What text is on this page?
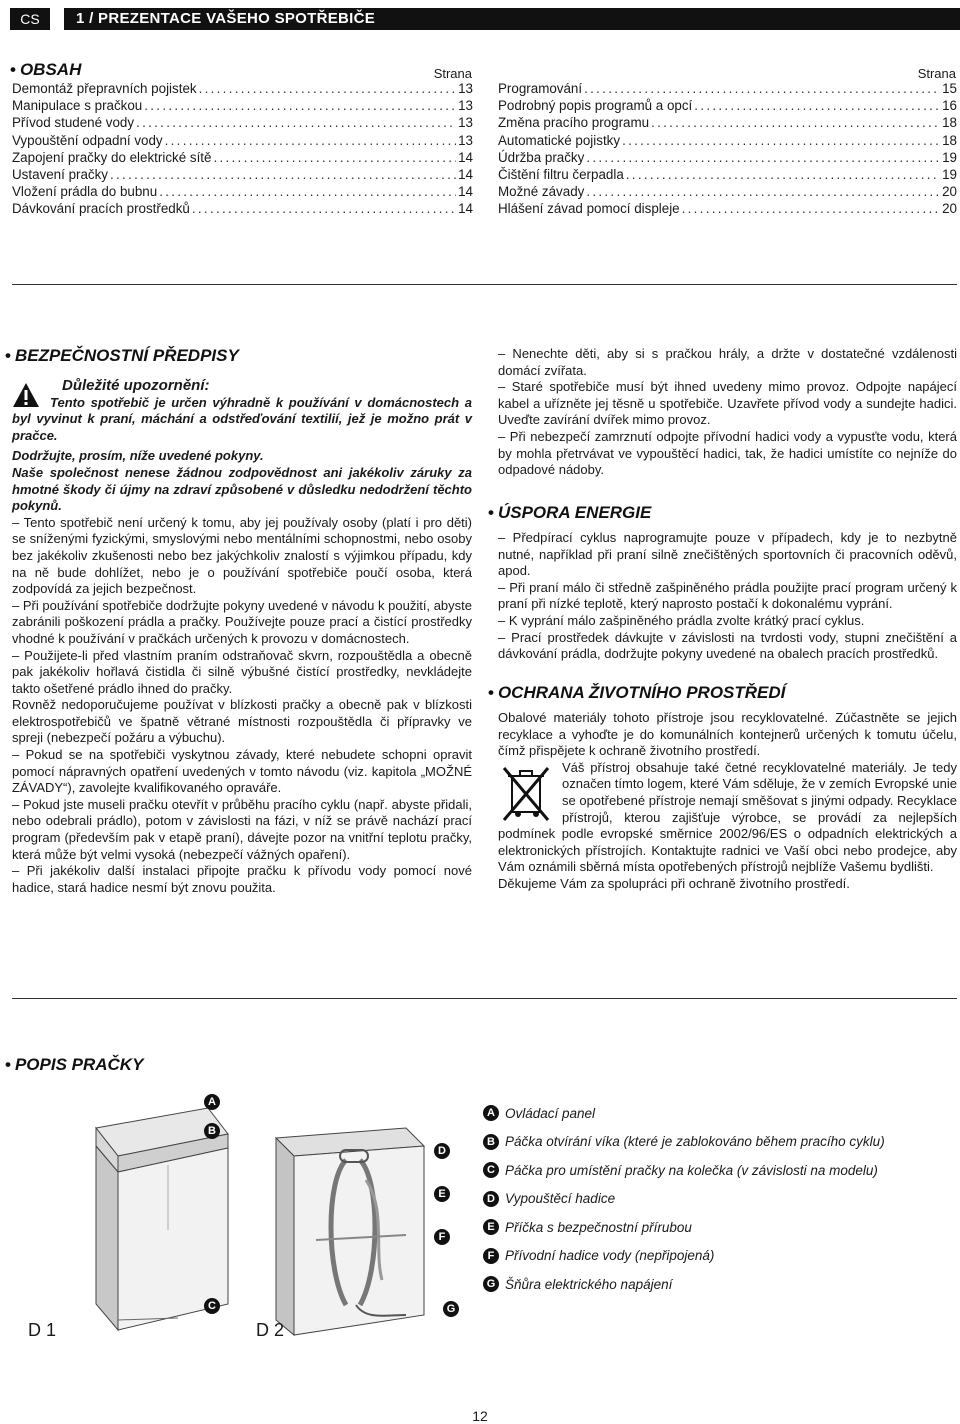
CS	1 / PREZENTACE VAŠEHO SPOTŘEBIČE
• OBSAH	Strana	Strana
Demontáž přepravních pojistek .....	13
Manipulace s pračkou .....	13
Přívod studené vody .....	13
Vypouštění odpadní vody .....	13
Zapojení pračky do elektrické sítě .....	14
Ustavení pračky .....	14
Vložení prádla do bubnu .....	14
Dávkování pracích prostředků .....	14
Programování .....	15
Podrobný popis programů a opcí .....	16
Změna pracího programu .....	18
Automatické pojistky .....	18
Údržba pračky .....	19
Čištění filtru čerpadla .....	19
Možné závady .....	20
Hlášení závad pomocí displeje .....	20
• BEZPEČNOSTNÍ PŘEDPISY
Důležité upozornění:

Tento spotřebič je určen výhradně k používání v domácnostech a byl vyvinut k praní, máchání a odstřeďování textilií, jež je možno prát v pračce.

Dodržujte, prosím, níže uvedené pokyny.

Naše společnost nenese žádnou zodpovědnost ani jakékoliv záruky za hmotné škody či újmy na zdraví způsobené v důsledku nedodržení těchto pokynů.

– Tento spotřebič není určený k tomu, aby jej používaly osoby (platí i pro děti) se sníženými fyzickými, smyslovými nebo mentálními schopnostmi, nebo osoby bez jakékoliv zkušenosti nebo bez jakýchkoliv znalostí s výjimkou případu, kdy na ně bude dohlížet, nebo je o používání spotřebiče poučí osoba, která zodpovídá za jejich bezpečnost.

– Při používání spotřebiče dodržujte pokyny uvedené v návodu k použití, abyste zabránili poškození prádla a pračky. Používejte pouze prací a čistící prostředky vhodné k používání v pračkách určených k provozu v domácnostech.

– Použijete-li před vlastním praním odstraňovač skvrn, rozpouštědla a obecně pak jakékoliv hořlavá čistidla či silně výbušné čistící prostředky, nevkládejte takto ošetřené prádlo ihned do pračky.

Rovněž nedoporučujeme používat v blízkosti pračky a obecně pak v blízkosti elektrospotřebičů ve špatně větrané místnosti rozpouštědla či přípravky ve spreji (nebezpečí požáru a výbuchu).

– Pokud se na spotřebiči vyskytnou závady, které nebudete schopni opravit pomocí nápravných opatření uvedených v tomto návodu (viz. kapitola „MOŽNÉ ZÁVADY“), zavolejte kvalifikovaného opraváře.

– Pokud jste museli pračku otevřít v průběhu pracího cyklu (např. abyste přidali, nebo odebrali prádlo), potom v závislosti na fázi, v níž se právě nachází prací program (především pak v etapě praní), dávejte pozor na vnitřní teplotu pračky, která může být velmi vysoká (nebezpečí vážných opaření).

– Při jakékoliv další instalaci připojte pračku k přívodu vody pomocí nové hadice, stará hadice nesmí být znovu použita.

– Nenechte děti, aby si s pračkou hrály, a držte v dostatečné vzdálenosti domácí zvířata.

– Staré spotřebiče musí být ihned uvedeny mimo provoz. Odpojte napájecí kabel a uřízněte jej těsně u spotřebiče. Uzavřete přívod vody a sundejte hadici. Uveďte zavírání dvířek mimo provoz.

– Při nebezpečí zamrznutí odpojte přívodní hadici vody a vypusťte vodu, která by mohla přetrvávat ve vypouštěcí hadici, tak, že hadici umístíte co nejníže do odpadové nádoby.

• ÚSPORA ENERGIE

– Předpírací cyklus naprogramujte pouze v případech, kdy je to nezbytně nutné, například při praní silně znečištěných sportovních či pracovních oděvů, apod.

– Při praní málo či středně zašpiněného prádla použijte prací program určený k praní při nízké teplotě, který naprosto postačí k dokonalému vyprání.

– K vyprání málo zašpiněného prádla zvolte krátký prací cyklus.

– Prací prostředek dávkujte v závislosti na tvrdosti vody, stupni znečištění a dávkování prádla, dodržujte pokyny uvedené na obalech pracích prostředků.

• OCHRANA ŽIVOTNÍHO PROSTŘEDÍ

Obalové materiály tohoto přístroje jsou recyklovatelné. Zúčastněte se jejich recyklace a vyhoďte je do komunálních kontejnerů určených k tomutu účelu, čímž přispějete k ochraně životního prostředí.

Váš přístroj obsahuje také četné recyklovatelné materiály. Je tedy označen tímto logem, které Vám sděluje, že v zemích Evropské unie se opotřebené přístroje nemají směšovat s jinými odpady. Recyklace přístrojů, kterou zajišťuje výrobce, se provádí za nejlepších podmínek podle evropské směrnice 2002/96/ES o odpadních elektrických a elektronických přístrojích. Kontaktujte radnici ve Vaší obci nebo prodejce, aby Vám oznámili sběrná místa opotřebených přístrojů nejblíže Vašemu bydlišti.

Děkujeme Vám za spolupráci při ochraně životního prostředí.

• POPIS PRAČKY
A
B
C
D 1
D
E
F
G
D 2
A Ovládací panel
B Páčka otvírání víka (které je zablokováno během pracího cyklu)
C Páčka pro umístění pračky na kolečka (v závislosti na modelu)
D Vypouštěcí hadice
E Příčka s bezpečnostní přírubou
F Přívodní hadice vody (nepřipojená)
G Šňůra elektrického napájení
12
